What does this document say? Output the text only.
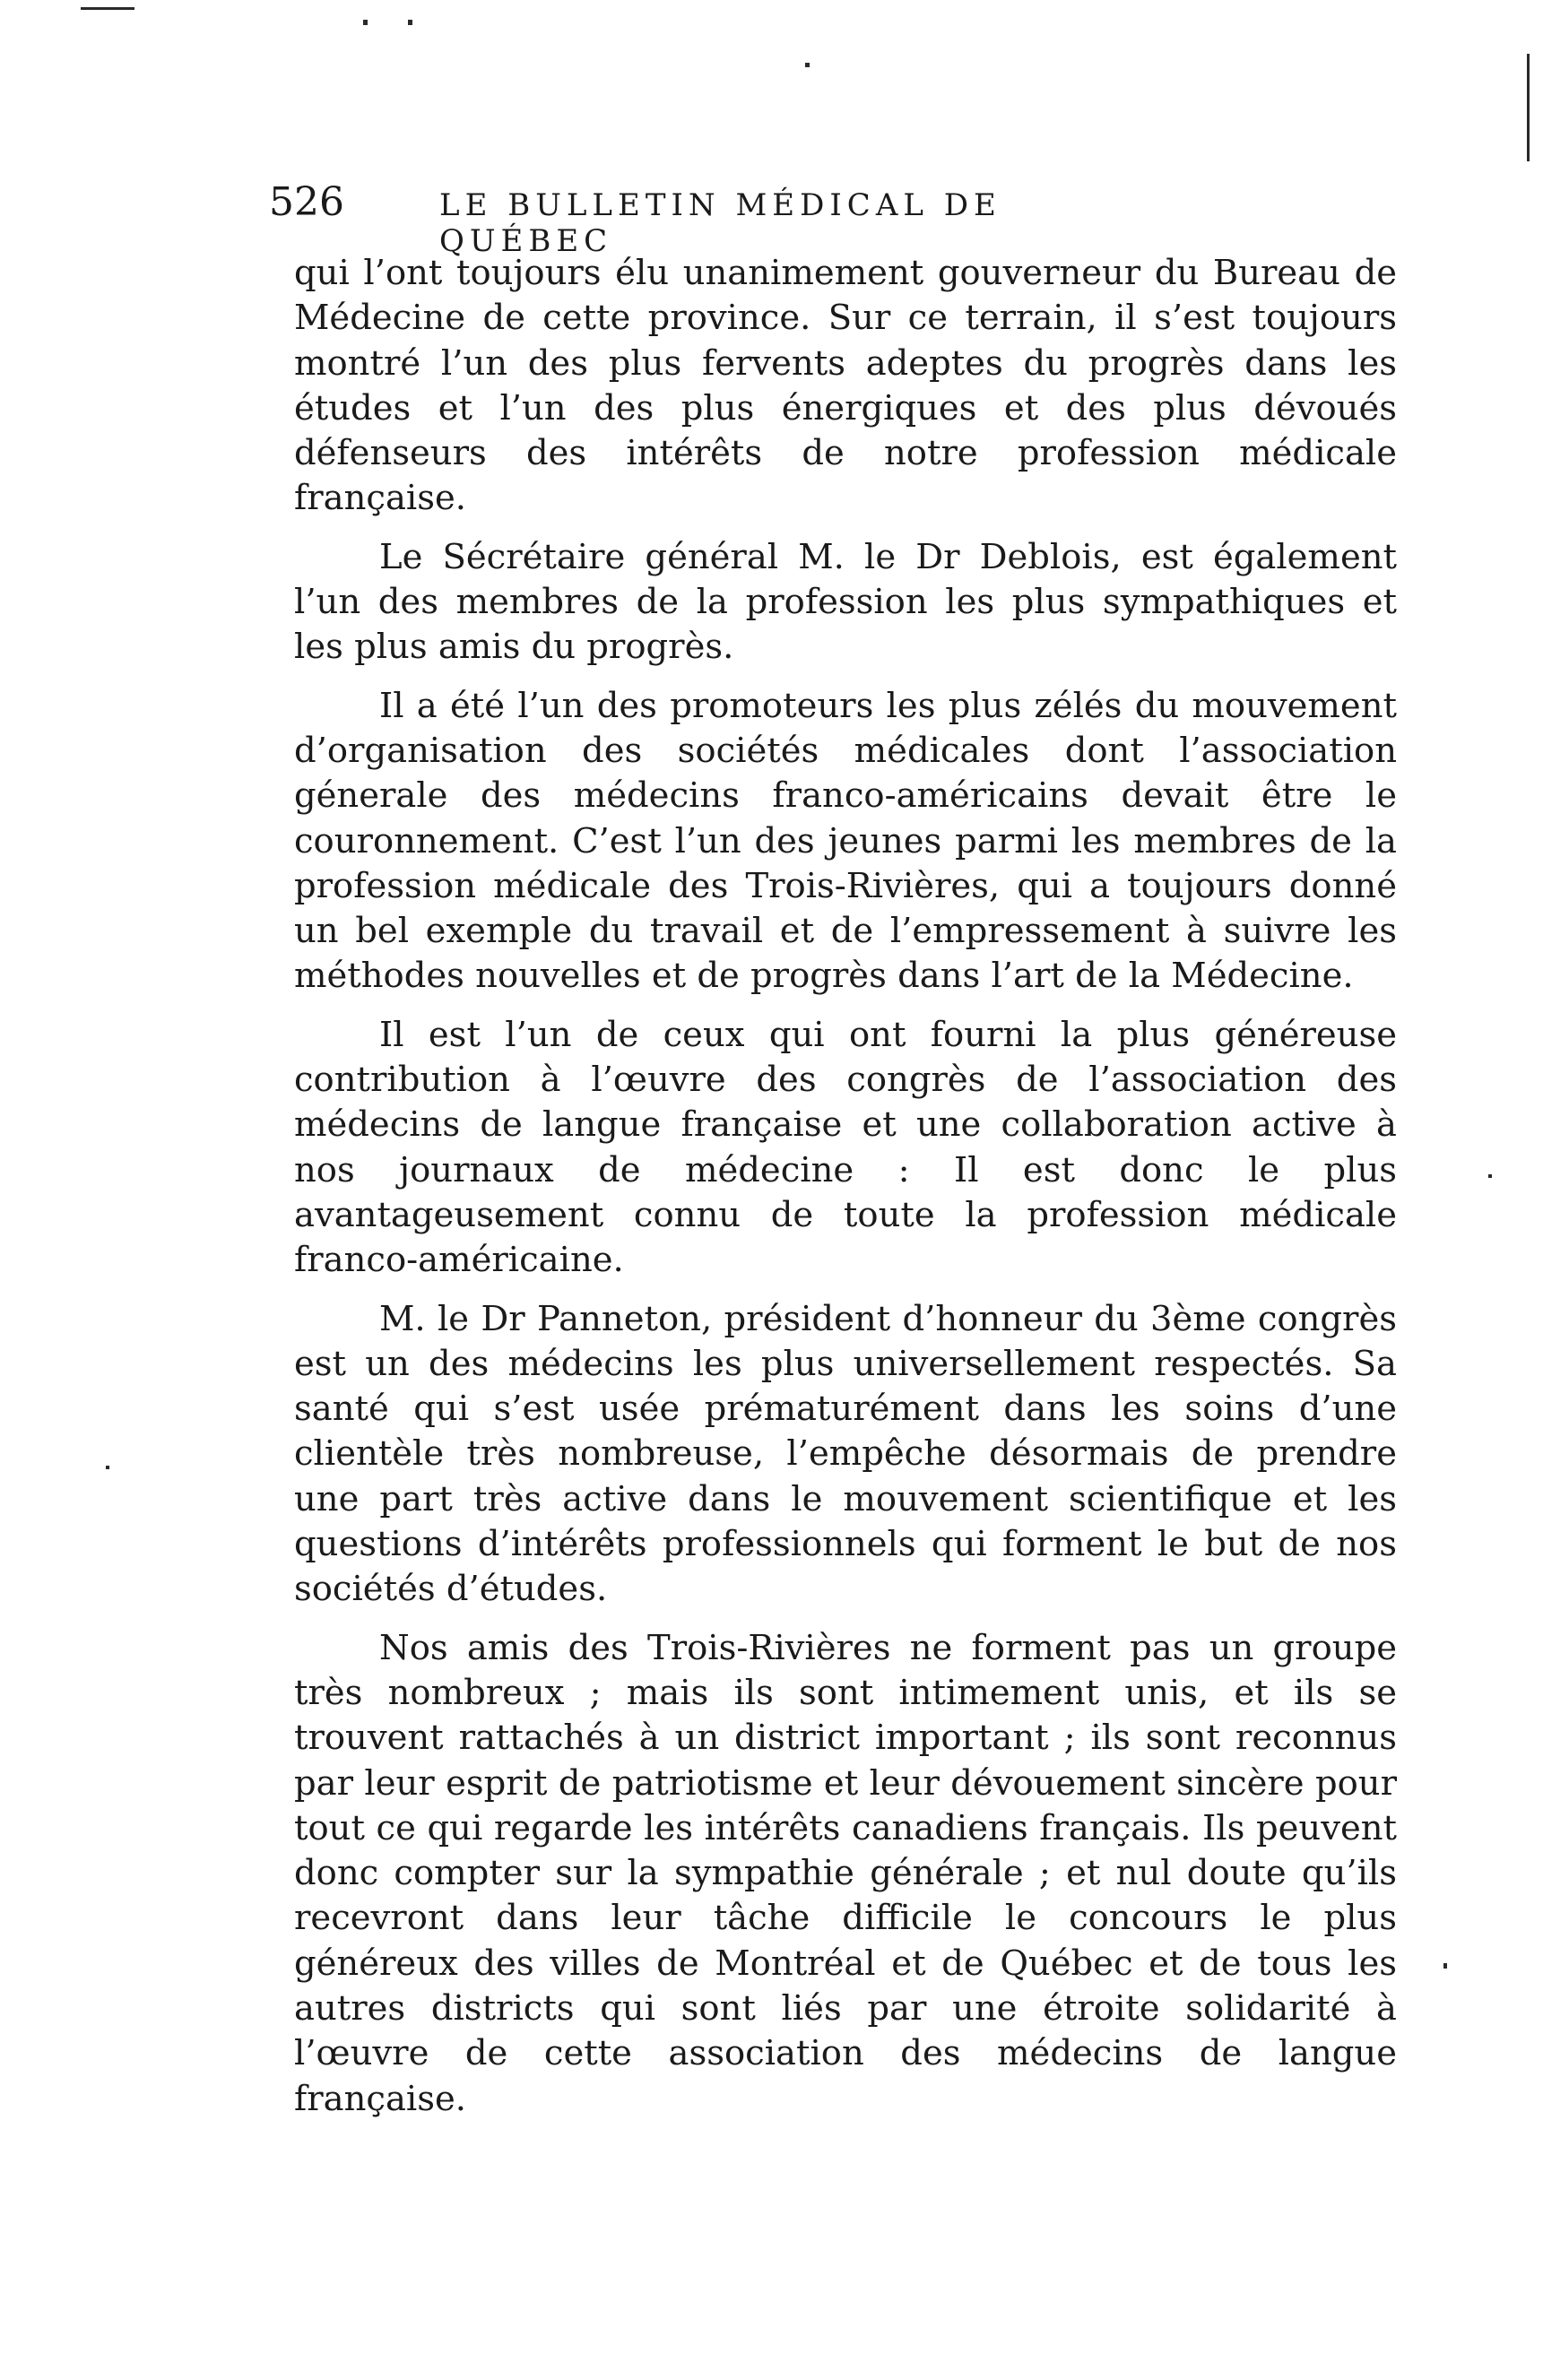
526	LE BULLETIN MÉDICAL DE QUÉBEC

qui l’ont toujours élu unanimement gouverneur du Bureau de Médecine de cette province. Sur ce terrain, il s’est toujours montré l’un des plus fervents adeptes du progrès dans les études et l’un des plus énergiques et des plus dévoués défenseurs des intérêts de notre profession médicale française.

Le Sécrétaire général M. le Dr Deblois, est également l’un des membres de la profession les plus sympathiques et les plus amis du progrès.

Il a été l’un des promoteurs les plus zélés du mouvement d’organisation des sociétés médicales dont l’association génerale des médecins franco-américains devait être le couronnement. C’est l’un des jeunes parmi les membres de la profession médicale des Trois-Rivières, qui a toujours donné un bel exemple du travail et de l’empressement à suivre les méthodes nouvelles et de progrès dans l’art de la Médecine.

Il est l’un de ceux qui ont fourni la plus généreuse contribution à l’œuvre des congrès de l’association des médecins de langue française et une collaboration active à nos journaux de médecine : Il est donc le plus avantageusement connu de toute la profession médicale franco-américaine.

M. le Dr Panneton, président d’honneur du 3ème congrès est un des médecins les plus universellement respectés. Sa santé qui s’est usée prématurément dans les soins d’une clientèle très nombreuse, l’empêche désormais de prendre une part très active dans le mouvement scientifique et les questions d’intérêts professionnels qui forment le but de nos sociétés d’études.

Nos amis des Trois-Rivières ne forment pas un groupe très nombreux ; mais ils sont intimement unis, et ils se trouvent rattachés à un district important ; ils sont reconnus par leur esprit de patriotisme et leur dévouement sincère pour tout ce qui regarde les intérêts canadiens français. Ils peuvent donc compter sur la sympathie générale ; et nul doute qu’ils recevront dans leur tâche difficile le concours le plus généreux des villes de Montréal et de Québec et de tous les autres districts qui sont liés par une étroite solidarité à l’œuvre de cette association des médecins de langue française.
